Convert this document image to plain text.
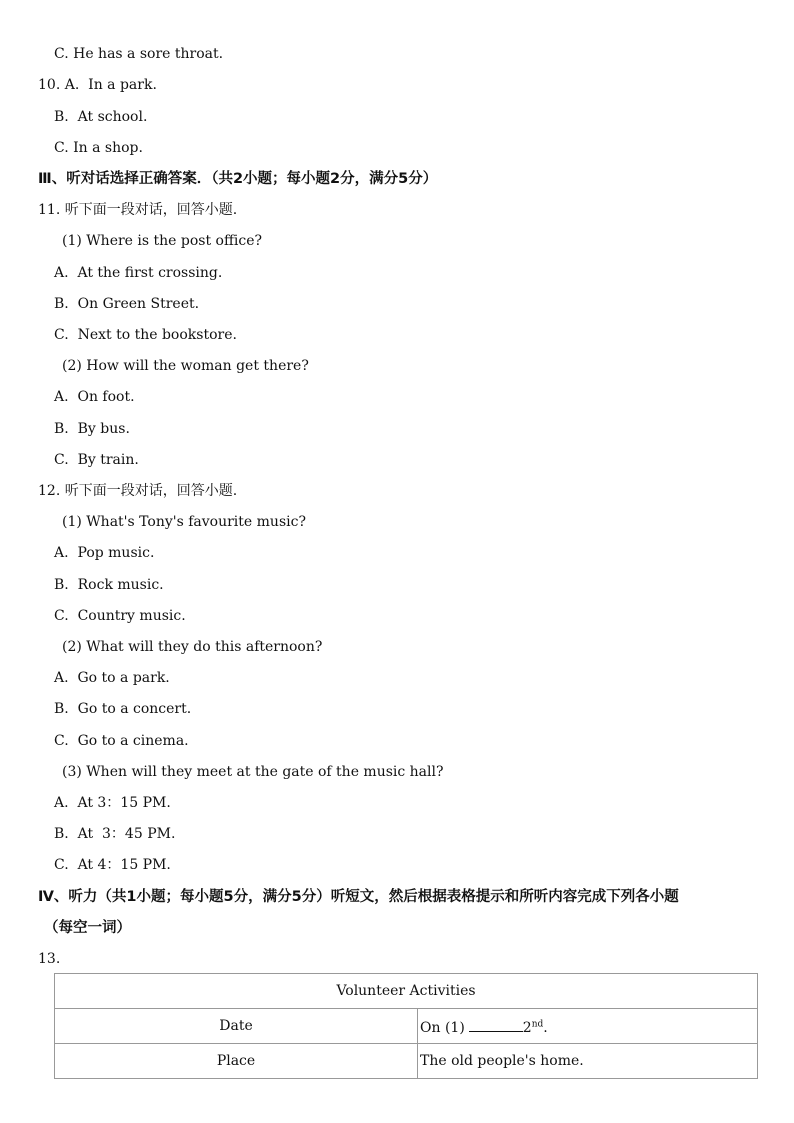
C. He has a sore throat.
10. A.  In a park.
B.  At school.
C. In a shop.
Ⅲ、听对话选择正确答案．（共2小题；每小题2分，满分5分）
11. 听下面一段对话，回答小题.
(1) Where is the post office?
A.  At the first crossing.
B.  On Green Street.
C.  Next to the bookstore.
(2) How will the woman get there?
A.  On foot.
B.  By bus.
C.  By train.
12. 听下面一段对话，回答小题.
(1) What's Tony's favourite music?
A.  Pop music.
B.  Rock music.
C.  Country music.
(2) What will they do this afternoon?
A.  Go to a park.
B.  Go to a concert.
C.  Go to a cinema.
(3) When will they meet at the gate of the music hall?
A.  At 3：15 PM.
B.  At  3：45 PM.
C.  At 4：15 PM.
Ⅳ、听力（共1小题；每小题5分，满分5分）听短文，然后根据表格提示和所听内容完成下列各小题
（每空一词）
13.
Volunteer Activities	
Date	On (1) 2nd.
Place	The old people's home.
